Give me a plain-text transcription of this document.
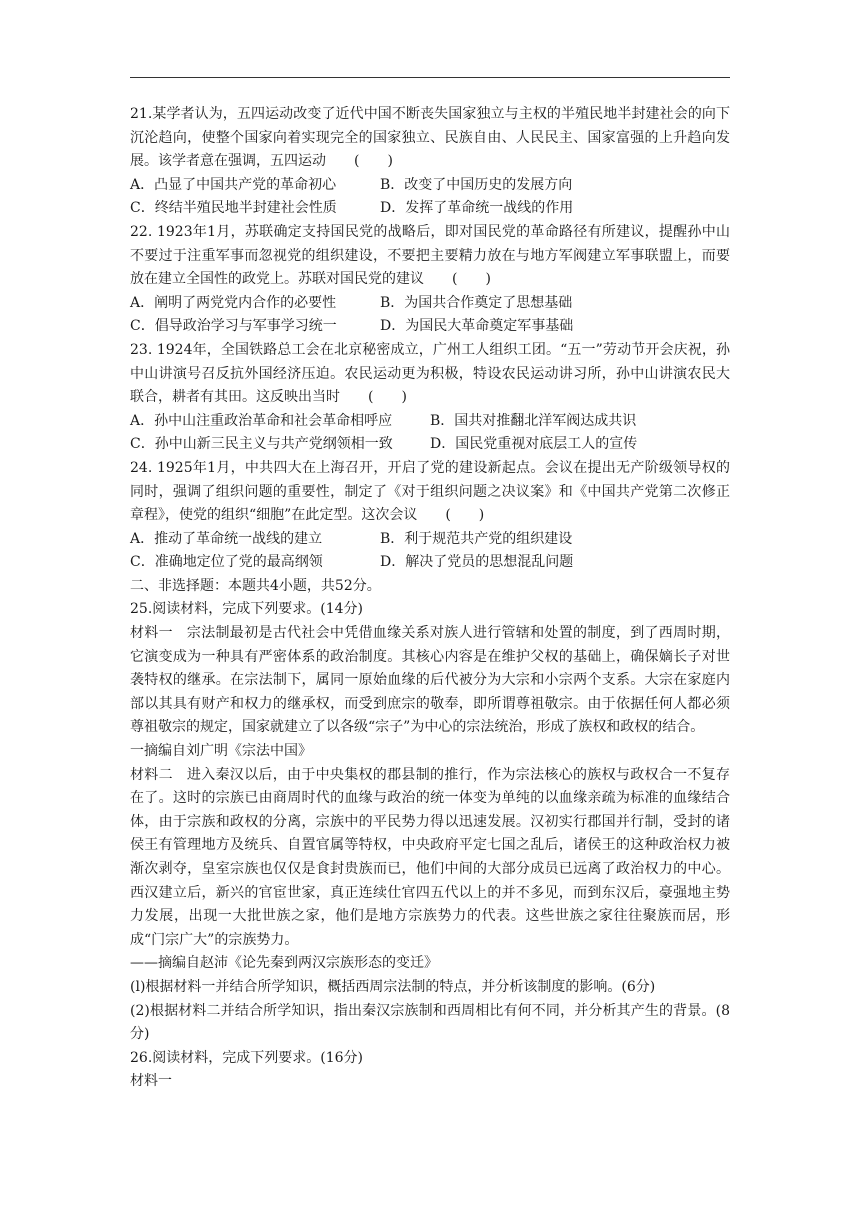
21.某学者认为，五四运动改变了近代中国不断丧失国家独立与主权的半殖民地半封建社会的向下沉沦趋向，使整个国家向着实现完全的国家独立、民族自由、人民民主、国家富强的上升趋向发展。该学者意在强调，五四运动　　(　　)

A．凸显了中国共产党的革命初心	B．改变了中国历史的发展方向
C．终结半殖民地半封建社会性质	D．发挥了革命统一战线的作用

22. 1923年1月，苏联确定支持国民党的战略后，即对国民党的革命路径有所建议，提醒孙中山不要过于注重军事而忽视党的组织建设，不要把主要精力放在与地方军阀建立军事联盟上，而要放在建立全国性的政党上。苏联对国民党的建议　　(　　)

A．阐明了两党党内合作的必要性	B．为国共合作奠定了思想基础
C．倡导政治学习与军事学习统一	D．为国民大革命奠定军事基础

23. 1924年，全国铁路总工会在北京秘密成立，广州工人组织工团。“五一”劳动节开会庆祝，孙中山讲演号召反抗外国经济压迫。农民运动更为积极，特设农民运动讲习所，孙中山讲演农民大联合，耕者有其田。这反映出当时　　(　　)

A．孙中山注重政治革命和社会革命相呼应	B．国共对推翻北洋军阀达成共识
C．孙中山新三民主义与共产党纲领相一致	D．国民党重视对底层工人的宣传

24. 1925年1月，中共四大在上海召开，开启了党的建设新起点。会议在提出无产阶级领导权的同时，强调了组织问题的重要性，制定了《对于组织问题之决议案》和《中国共产党第二次修正章程》，使党的组织“细胞”在此定型。这次会议　　(　　)

A．推动了革命统一战线的建立	B．利于规范共产党的组织建设
C．准确地定位了党的最高纲领	D．解决了党员的思想混乱问题

二、非选择题：本题共4小题，共52分。

25.阅读材料，完成下列要求。(14分)

材料一 宗法制最初是古代社会中凭借血缘关系对族人进行管辖和处置的制度，到了西周时期，它演变成为一种具有严密体系的政治制度。其核心内容是在维护父权的基础上，确保嫡长子对世袭特权的继承。在宗法制下，属同一原始血缘的后代被分为大宗和小宗两个支系。大宗在家庭内部以其具有财产和权力的继承权，而受到庶宗的敬奉，即所谓尊祖敬宗。由于依据任何人都必须尊祖敬宗的规定，国家就建立了以各级“宗子”为中心的宗法统治，形成了族权和政权的结合。

一摘编自刘广明《宗法中国》

材料二 进入秦汉以后，由于中央集权的郡县制的推行，作为宗法核心的族权与政权合一不复存在了。这时的宗族已由商周时代的血缘与政治的统一体变为单纯的以血缘亲疏为标准的血缘结合体，由于宗族和政权的分离，宗族中的平民势力得以迅速发展。汉初实行郡国并行制，受封的诸侯王有管理地方及统兵、自置官属等特权，中央政府平定七国之乱后，诸侯王的这种政治权力被渐次剥夺，皇室宗族也仅仅是食封贵族而已，他们中间的大部分成员已远离了政治权力的中心。西汉建立后，新兴的官宦世家，真正连续仕官四五代以上的并不多见，而到东汉后，豪强地主势力发展，出现一大批世族之家，他们是地方宗族势力的代表。这些世族之家往往聚族而居，形成“门宗广大”的宗族势力。

——摘编自赵沛《论先秦到两汉宗族形态的变迁》

(l)根据材料一并结合所学知识，概括西周宗法制的特点，并分析该制度的影响。(6分)

(2)根据材料二并结合所学知识，指出秦汉宗族制和西周相比有何不同，并分析其产生的背景。(8分)

26.阅读材料，完成下列要求。(16分)

材料一
